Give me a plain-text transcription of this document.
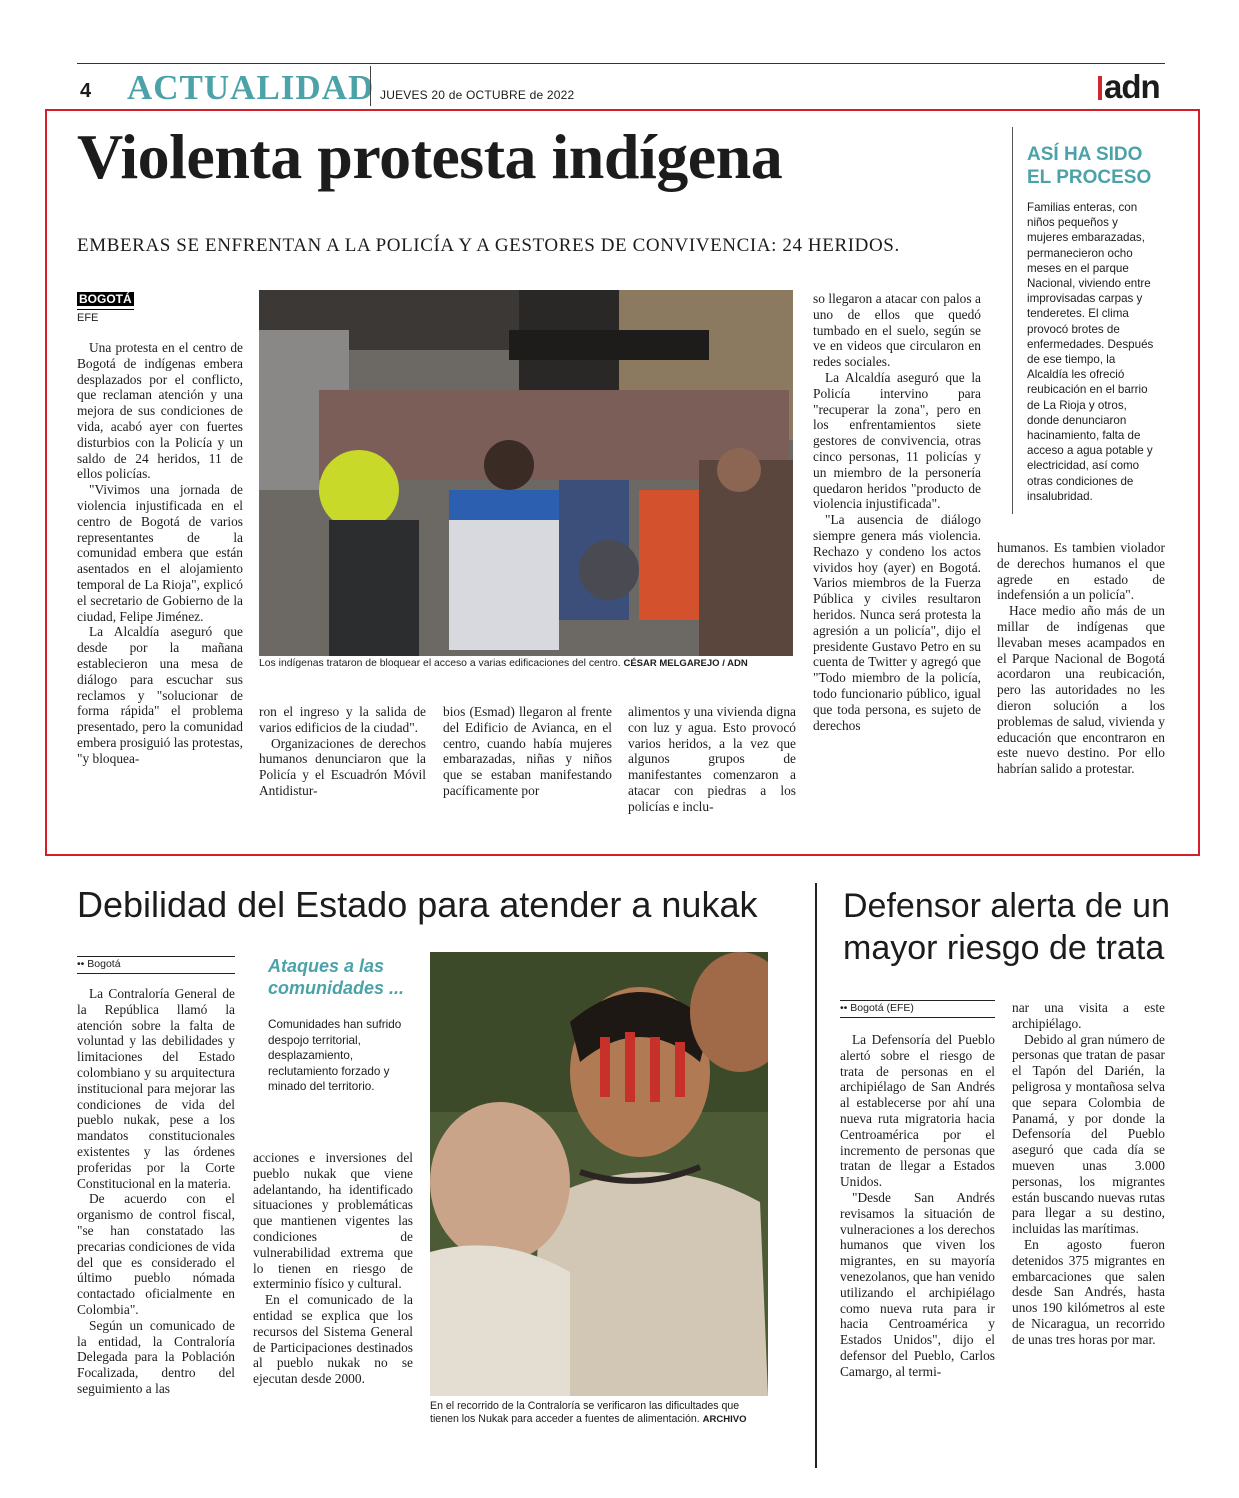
4 ACTUALIDAD JUEVES 20 de OCTUBRE de 2022	adn
Violenta protesta indígena
EMBERAS SE ENFRENTAN A LA POLICÍA Y A GESTORES DE CONVIVENCIA: 24 HERIDOS.
ASÍ HA SIDO EL PROCESO
Familias enteras, con niños pequeños y mujeres embarazadas, permanecieron ocho meses en el parque Nacional, viviendo entre improvisadas carpas y tenderetes. El clima provocó brotes de enfermedades. Después de ese tiempo, la Alcaldía les ofreció reubicación en el barrio de La Rioja y otros, donde denunciaron hacinamiento, falta de acceso a agua potable y electricidad, así como otras condiciones de insalubridad.
BOGOTÁ
EFE

Una protesta en el centro de Bogotá de indígenas embera desplazados por el conflicto, que reclaman atención y una mejora de sus condiciones de vida, acabó ayer con fuertes disturbios con la Policía y un saldo de 24 heridos, 11 de ellos policías.

"Vivimos una jornada de violencia injustificada en el centro de Bogotá de varios representantes de la comunidad embera que están asentados en el alojamiento temporal de La Rioja", explicó el secretario de Gobierno de la ciudad, Felipe Jiménez.

La Alcaldía aseguró que desde por la mañana establecieron una mesa de diálogo para escuchar sus reclamos y "solucionar de forma rápida" el problema presentado, pero la comunidad embera prosiguió las protestas, "y bloquea-

Los indígenas trataron de bloquear el acceso a varias edificaciones del centro. CÉSAR MELGAREJO / ADN

ron el ingreso y la salida de varios edificios de la ciudad".

Organizaciones de derechos humanos denunciaron que la Policía y el Escuadrón Móvil Antidistur-

bios (Esmad) llegaron al frente del Edificio de Avianca, en el centro, cuando había mujeres embarazadas, niñas y niños que se estaban manifestando pacíficamente por

alimentos y una vivienda digna con luz y agua. Esto provocó varios heridos, a la vez que algunos grupos de manifestantes comenzaron a atacar con piedras a los policías e inclu-

so llegaron a atacar con palos a uno de ellos que quedó tumbado en el suelo, según se ve en videos que circularon en redes sociales.

La Alcaldía aseguró que la Policía intervino para "recuperar la zona", pero en los enfrentamientos siete gestores de convivencia, otras cinco personas, 11 policías y un miembro de la personería quedaron heridos "producto de violencia injustificada".

"La ausencia de diálogo siempre genera más violencia. Rechazo y condeno los actos vividos hoy (ayer) en Bogotá. Varios miembros de la Fuerza Pública y civiles resultaron heridos. Nunca será protesta la agresión a un policía", dijo el presidente Gustavo Petro en su cuenta de Twitter y agregó que "Todo miembro de la policía, todo funcionario público, igual que toda persona, es sujeto de derechos

humanos. Es tambien violador de derechos humanos el que agrede en estado de indefensión a un policía".

Hace medio año más de un millar de indígenas que llevaban meses acampados en el Parque Nacional de Bogotá acordaron una reubicación, pero las autoridades no les dieron solución a los problemas de salud, vivienda y educación que encontraron en este nuevo destino. Por ello habrían salido a protestar.

Debilidad del Estado para atender a nukak
•• Bogotá

La Contraloría General de la República llamó la atención sobre la falta de voluntad y las debilidades y limitaciones del Estado colombiano y su arquitectura institucional para mejorar las condiciones de vida del pueblo nukak, pese a los mandatos constitucionales existentes y las órdenes proferidas por la Corte Constitucional en la materia.

De acuerdo con el organismo de control fiscal, "se han constatado las precarias condiciones de vida del que es considerado el último pueblo nómada contactado oficialmente en Colombia".

Según un comunicado de la entidad, la Contraloría Delegada para la Población Focalizada, dentro del seguimiento a las

Ataques a las comunidades ...
Comunidades han sufrido despojo territorial, desplazamiento, reclutamiento forzado y minado del territorio.

acciones e inversiones del pueblo nukak que viene adelantando, ha identificado situaciones y problemáticas que mantienen vigentes las condiciones de vulnerabilidad extrema que lo tienen en riesgo de exterminio físico y cultural.

En el comunicado de la entidad se explica que los recursos del Sistema General de Participaciones destinados al pueblo nukak no se ejecutan desde 2000.

En el recorrido de la Contraloría se verificaron las dificultades que tienen los Nukak para acceder a fuentes de alimentación. ARCHIVO
Defensor alerta de un mayor riesgo de trata
•• Bogotá (EFE)

La Defensoría del Pueblo alertó sobre el riesgo de trata de personas en el archipiélago de San Andrés al establecerse por ahí una nueva ruta migratoria hacia Centroamérica por el incremento de personas que tratan de llegar a Estados Unidos.

"Desde San Andrés revisamos la situación de vulneraciones a los derechos humanos que viven los migrantes, en su mayoría venezolanos, que han venido utilizando el archipiélago como nueva ruta para ir hacia Centroamérica y Estados Unidos", dijo el defensor del Pueblo, Carlos Camargo, al termi-

nar una visita a este archipiélago.

Debido al gran número de personas que tratan de pasar el Tapón del Darién, la peligrosa y montañosa selva que separa Colombia de Panamá, y por donde la Defensoría del Pueblo aseguró que cada día se mueven unas 3.000 personas, los migrantes están buscando nuevas rutas para llegar a su destino, incluidas las marítimas.

En agosto fueron detenidos 375 migrantes en embarcaciones que salen desde San Andrés, hasta unos 190 kilómetros al este de Nicaragua, un recorrido de unas tres horas por mar.
